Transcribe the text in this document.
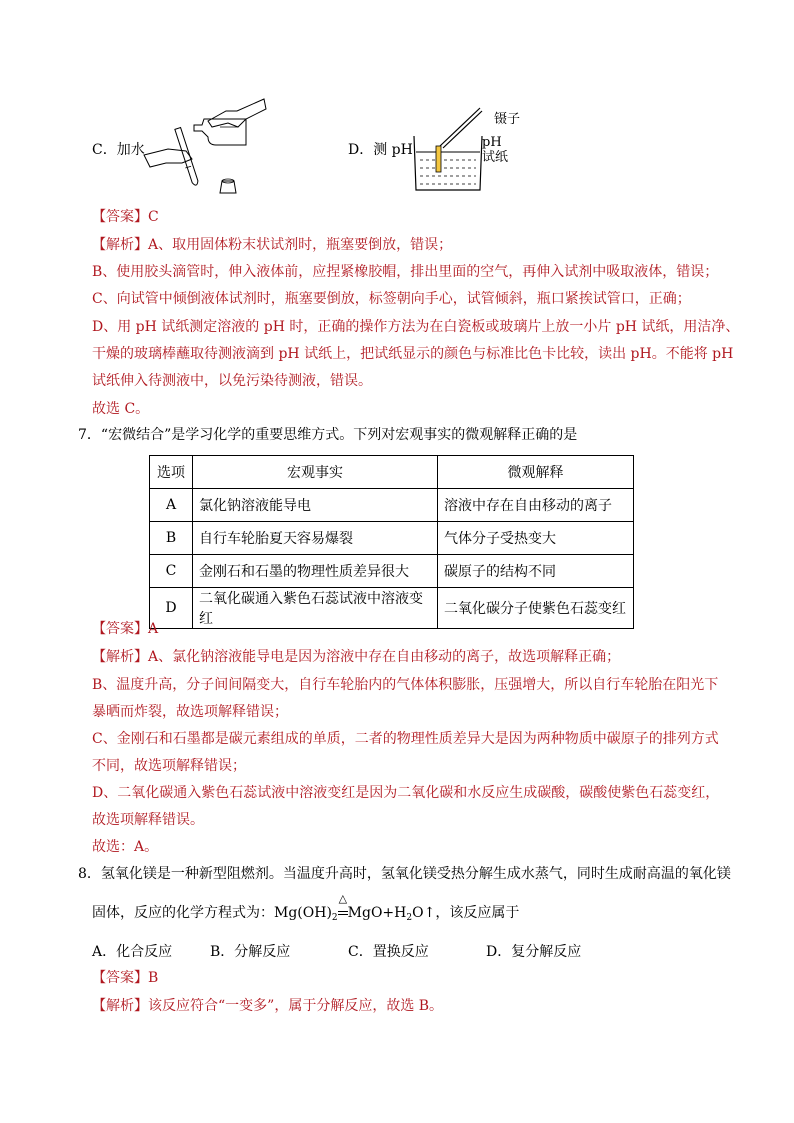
C．加水	D．测 pH
镊子
pH
试纸
【答案】C
【解析】A、取用固体粉末状试剂时，瓶塞要倒放，错误；
B、使用胶头滴管时，伸入液体前，应捏紧橡胶帽，排出里面的空气，再伸入试剂中吸取液体，错误；
C、向试管中倾倒液体试剂时，瓶塞要倒放，标签朝向手心，试管倾斜，瓶口紧挨试管口，正确；
D、用 pH 试纸测定溶液的 pH 时，正确的操作方法为在白瓷板或玻璃片上放一小片 pH 试纸，用洁净、
干燥的玻璃棒蘸取待测液滴到 pH 试纸上，把试纸显示的颜色与标准比色卡比较，读出 pH。不能将 pH
试纸伸入待测液中，以免污染待测液，错误。
故选 C。
7．“宏微结合”是学习化学的重要思维方式。下列对宏观事实的微观解释正确的是
选项	宏观事实	微观解释
A	氯化钠溶液能导电	溶液中存在自由移动的离子
B	自行车轮胎夏天容易爆裂	气体分子受热变大
C	金刚石和石墨的物理性质差异很大	碳原子的结构不同
D	二氧化碳通入紫色石蕊试液中溶液变红	二氧化碳分子使紫色石蕊变红
【答案】A
【解析】A、氯化钠溶液能导电是因为溶液中存在自由移动的离子，故选项解释正确；
B、温度升高，分子间间隔变大，自行车轮胎内的气体体积膨胀，压强增大，所以自行车轮胎在阳光下
暴晒而炸裂，故选项解释错误；
C、金刚石和石墨都是碳元素组成的单质，二者的物理性质差异大是因为两种物质中碳原子的排列方式
不同，故选项解释错误；
D、二氧化碳通入紫色石蕊试液中溶液变红是因为二氧化碳和水反应生成碳酸，碳酸使紫色石蕊变红，
故选项解释错误。
故选：A。
8．氢氧化镁是一种新型阻燃剂。当温度升高时，氢氧化镁受热分解生成水蒸气，同时生成耐高温的氧化镁
固体，反应的化学方程式为：$Mg(OH)_2$
△
$MgO+H_2O↑$，该反应属于
A．化合反应	B．分解反应	C．置换反应	D．复分解反应
【答案】B
【解析】该反应符合“一变多”，属于分解反应，故选 B。
